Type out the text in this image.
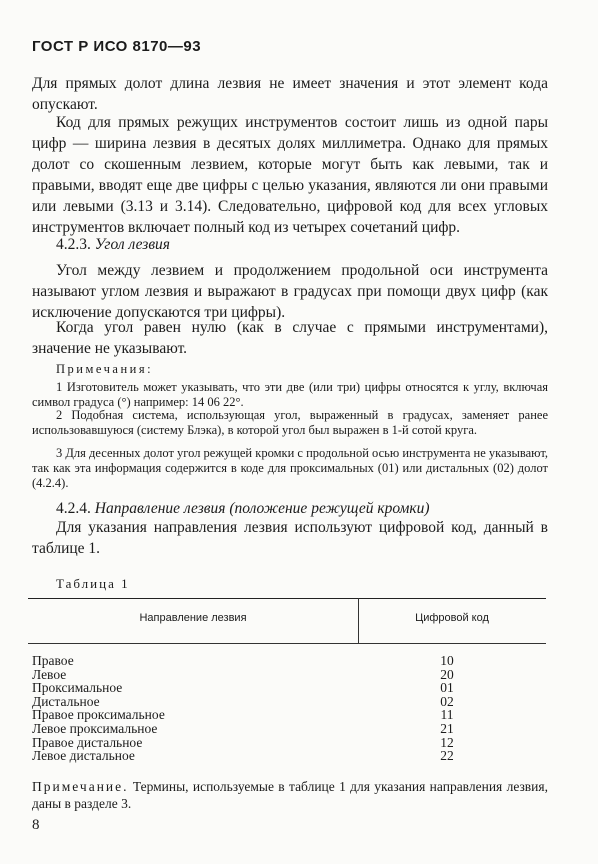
ГОСТ Р ИСО 8170—93
Для прямых долот длина лезвия не имеет значения и этот элемент кода опускают.
Код для прямых режущих инструментов состоит лишь из одной пары цифр — ширина лезвия в десятых долях миллиметра. Однако для прямых долот со скошенным лезвием, которые могут быть как левыми, так и правыми, вводят еще две цифры с целью указания, являются ли они правыми или левыми (3.13 и 3.14). Следовательно, цифровой код для всех угловых инструментов включает полный код из четырех сочетаний цифр.
4.2.3. Угол лезвия
Угол между лезвием и продолжением продольной оси инструмента называют углом лезвия и выражают в градусах при помощи двух цифр (как исключение допускаются три цифры).
Когда угол равен нулю (как в случае с прямыми инструментами), значение не указывают.
Примечания:
1 Изготовитель может указывать, что эти две (или три) цифры относятся к углу, включая символ градуса (°) например: 14 06 22°.
2 Подобная система, использующая угол, выраженный в градусах, заменяет ранее использовавшуюся (систему Блэка), в которой угол был выражен в 1-й сотой круга.
3 Для десенных долот угол режущей кромки с продольной осью инструмента не указывают, так как эта информация содержится в коде для проксимальных (01) или дистальных (02) долот (4.2.4).
4.2.4. Направление лезвия (положение режущей кромки)
Для указания направления лезвия используют цифровой код, данный в таблице 1.
Таблица 1
Направление лезвия	Цифровой код
Правое	10
Левое	20
Проксимальное	01
Дистальное	02
Правое проксимальное	11
Левое проксимальное	21
Правое дистальное	12
Левое дистальное	22
Примечание. Термины, используемые в таблице 1 для указания направления лезвия, даны в разделе 3.
8
